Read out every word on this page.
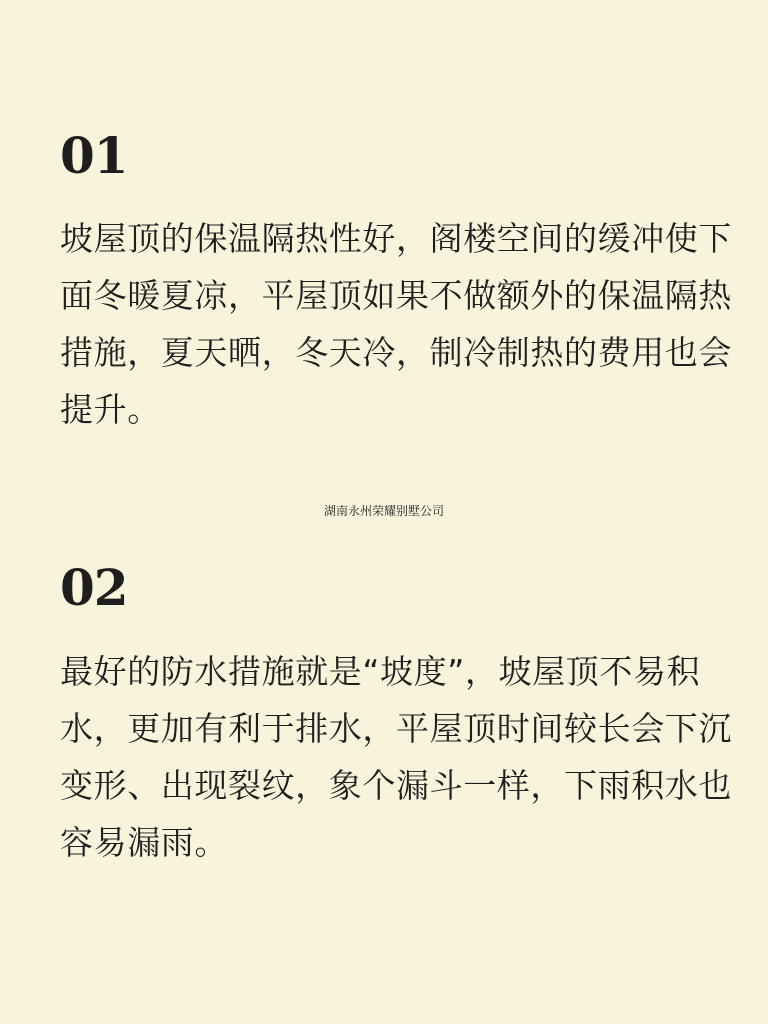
01

坡屋顶的保温隔热性好，阁楼空间的缓冲使下
面冬暖夏凉，平屋顶如果不做额外的保温隔热
措施，夏天晒，冬天冷，制冷制热的费用也会
提升。

湖南永州荣耀别墅公司

02

最好的防水措施就是“坡度”，坡屋顶不易积
水，更加有利于排水，平屋顶时间较长会下沉
变形、出现裂纹，象个漏斗一样，下雨积水也
容易漏雨。
